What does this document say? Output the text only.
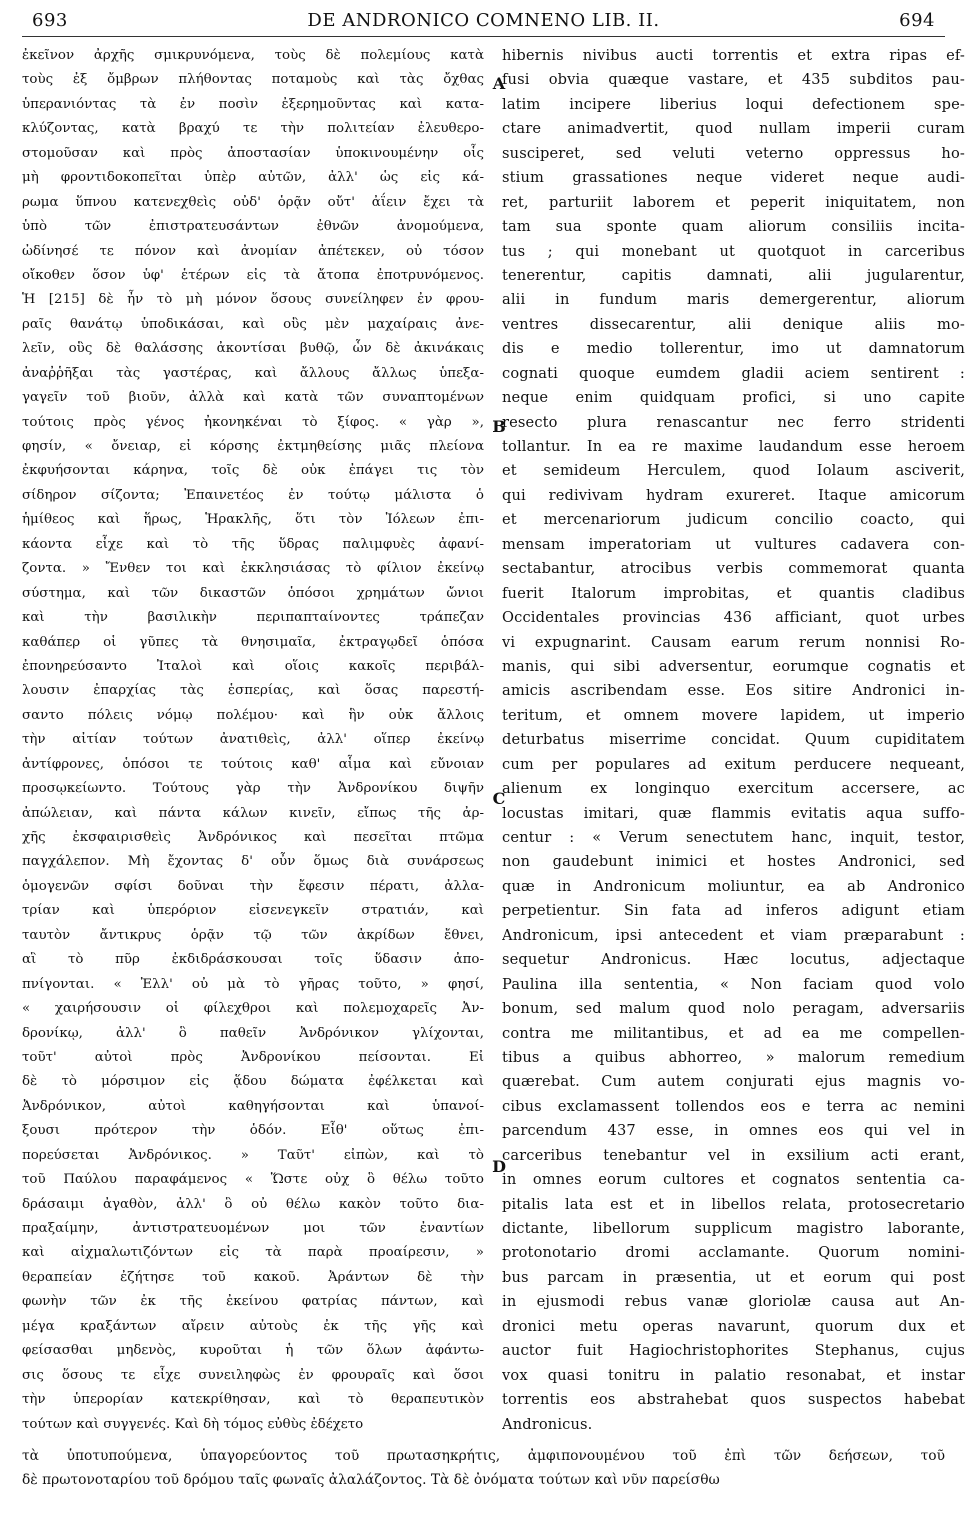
693	DE ANDRONICO COMNENO LIB. II.	694
ἐκεῖνον ἀρχῆς σμικρυνόμενα, τοὺς δὲ πολεμίους κατὰ
τοὺς ἐξ ὄμβρων πλήθοντας ποταμοὺς καὶ τὰς ὄχθας
ὑπερανιόντας τὰ ἐν ποσὶν ἐξερημοῦντας καὶ κατα-
κλύζοντας, κατὰ βραχύ τε τὴν πολιτείαν ἐλευθερο-
στομοῦσαν καὶ πρὸς ἀποστασίαν ὑποκινουμένην οἷς
μὴ φροντιδοκοπεῖται ὑπὲρ αὐτῶν, ἀλλ' ὡς εἰς κά-
ρωμα ὕπνου κατενεχθεὶς οὐδ' ὁρᾷν οὔτ' ἀΐειν ἔχει τὰ
ὑπὸ τῶν ἐπιστρατευσάντων ἐθνῶν ἀνομούμενα,
ὠδίνησέ τε πόνον καὶ ἀνομίαν ἀπέτεκεν, οὐ τόσον
οἴκοθεν ὅσον ὑφ' ἑτέρων εἰς τὰ ἄτοπα ἐποτρυνόμενος.
Ἡ [215] δὲ ἦν τὸ μὴ μόνον ὅσους συνείληφεν ἐν φρου-
ραῖς θανάτῳ ὑποδικάσαι, καὶ οὓς μὲν μαχαίραις ἀνε-
λεῖν, οὓς δὲ θαλάσσης ἀκοντίσαι βυθῷ, ὧν δὲ ἀκινάκαις
ἀναῤῥῆξαι τὰς γαστέρας, καὶ ἄλλους ἄλλως ὑπεξα-
γαγεῖν τοῦ βιοῦν, ἀλλὰ καὶ κατὰ τῶν συναπτομένων
τούτοις πρὸς γένος ἠκονηκέναι τὸ ξίφος. « γὰρ »,
φησίν, « ὄνειαρ, εἰ κόρσης ἐκτμηθείσης μιᾶς πλείονα
ἐκφυήσονται κάρηνα, τοῖς δὲ οὐκ ἐπάγει τις τὸν
σίδηρον σίζοντα; Ἐπαινετέος ἐν τούτῳ μάλιστα ὁ
ἡμίθεος καὶ ἥρως, Ἡρακλῆς, ὅτι τὸν Ἰόλεων ἐπι-
κάοντα εἶχε καὶ τὸ τῆς ὕδρας παλιμφυὲς ἀφανί-
ζοντα. » Ἔνθεν τοι καὶ ἐκκλησιάσας τὸ φίλιον ἐκείνῳ
σύστημα, καὶ τῶν δικαστῶν ὁπόσοι χρημάτων ὤνιοι
καὶ τὴν βασιλικὴν περιπαπταίνοντες τράπεζαν
καθάπερ οἱ γῦπες τὰ θνησιμαῖα, ἐκτραγῳδεῖ ὁπόσα
ἐπονηρεύσαντο Ἰταλοὶ καὶ οἵοις κακοῖς περιβάλ-
λουσιν ἐπαρχίας τὰς ἑσπερίας, καὶ ὅσας παρεστή-
σαντο πόλεις νόμῳ πολέμου· καὶ ἣν οὐκ ἄλλοις
τὴν αἰτίαν τούτων ἀνατιθεὶς, ἀλλ' οἵπερ ἐκείνῳ
ἀντίφρονες, ὁπόσοι τε τούτοις καθ' αἷμα καὶ εὔνοιαν
προσῳκείωντο. Τούτους γὰρ τὴν Ἀνδρονίκου διψῆν
ἀπώλειαν, καὶ πάντα κάλων κινεῖν, εἴπως τῆς ἀρ-
χῆς ἐκσφαιρισθεὶς Ἀνδρόνικος καὶ πεσεῖται πτῶμα
παγχάλεπον. Μὴ ἔχοντας δ' οὖν ὅμως διὰ συνάρσεως
ὁμογενῶν σφίσι δοῦναι τὴν ἔφεσιν πέρατι, ἀλλα-
τρίαν καὶ ὑπερόριον εἰσενεγκεῖν στρατιάν, καὶ
ταυτὸν ἄντικρυς ὁρᾷν τῷ τῶν ἀκρίδων ἔθνει,
αἳ τὸ πῦρ ἐκδιδράσκουσαι τοῖς ὕδασιν ἀπο-
πνίγονται. « Ἐλλ' οὐ μὰ τὸ γῆρας τοῦτο, » φησί,
« χαιρήσουσιν οἱ φίλεχθροι καὶ πολεμοχαρεῖς Ἀν-
δρονίκῳ, ἀλλ' ὃ παθεῖν Ἀνδρόνικον γλίχονται,
τοῦτ' αὐτοὶ πρὸς Ἀνδρονίκου πείσονται. Εἰ
δὲ τὸ μόρσιμον εἰς ᾅδου δώματα ἐφέλκεται καὶ
Ἀνδρόνικον, αὐτοὶ καθηγήσονται καὶ ὑπανοί-
ξουσι πρότερον τὴν ὁδόν. Εἶθ' οὕτως ἐπι-
πορεύσεται Ἀνδρόνικος. » Ταῦτ' εἰπὼν, καὶ τὸ
τοῦ Παύλου παραφάμενος « Ὥστε οὐχ ὃ θέλω τοῦτο
δράσαιμι ἀγαθὸν, ἀλλ' ὃ οὐ θέλω κακὸν τοῦτο δια-
πραξαίμην, ἀντιστρατευομένων μοι τῶν ἐναντίων
καὶ αἰχμαλωτιζόντων εἰς τὰ παρὰ προαίρεσιν, »
θεραπείαν ἐζήτησε τοῦ κακοῦ. Ἀράντων δὲ τὴν
φωνὴν τῶν ἐκ τῆς ἐκείνου φατρίας πάντων, καὶ
μέγα κραξάντων αἴρειν αὐτοὺς ἐκ τῆς γῆς καὶ
φείσασθαι μηδενὸς, κυροῦται ἡ τῶν ὅλων ἀφάντω-
σις ὅσους τε εἶχε συνειληφὼς ἐν φρουραῖς καὶ ὅσοι
τὴν ὑπερορίαν κατεκρίθησαν, καὶ τὸ θεραπευτικὸν
τούτων καὶ συγγενές. Καὶ δὴ τόμος εὐθὺς ἐδέχετο
hibernis nivibus aucti torrentis et extra ripas ef-
fusi obvia quæque vastare, et 435 subditos pau-
latim incipere liberius loqui defectionem spe-
ctare animadvertit, quod nullam imperii curam
susciperet, sed veluti veterno oppressus ho-
stium grassationes neque videret neque audi-
ret, parturiit laborem et peperit iniquitatem, non
tam sua sponte quam aliorum consiliis incita-
tus ; qui monebant ut quotquot in carceribus
tenerentur, capitis damnati, alii jugularentur,
alii in fundum maris demergerentur, aliorum
ventres dissecarentur, alii denique aliis mo-
dis e medio tollerentur, imo ut damnatorum
cognati quoque eumdem gladii aciem sentirent :
neque enim quidquam profici, si uno capite
resecto plura renascantur nec ferro stridenti
tollantur. In ea re maxime laudandum esse heroem
et semideum Herculem, quod Iolaum asciverit,
qui redivivam hydram exureret. Itaque amicorum
et mercenariorum judicum concilio coacto, qui
mensam imperatoriam ut vultures cadavera con-
sectabantur, atrocibus verbis commemorat quanta
fuerit Italorum improbitas, et quantis cladibus
Occidentales provincias 436 afficiant, quot urbes
vi expugnarint. Causam earum rerum nonnisi Ro-
manis, qui sibi adversentur, eorumque cognatis et
amicis ascribendam esse. Eos sitire Andronici in-
teritum, et omnem movere lapidem, ut imperio
deturbatus miserrime concidat. Quum cupiditatem
cum per populares ad exitum perducere nequeant,
alienum ex longinquo exercitum accersere, ac
locustas imitari, quæ flammis evitatis aqua suffo-
centur : « Verum senectutem hanc, inquit, testor,
non gaudebunt inimici et hostes Andronici, sed
quæ in Andronicum moliuntur, ea ab Andronico
perpetientur. Sin fata ad inferos adigunt etiam
Andronicum, ipsi antecedent et viam præparabunt :
sequetur Andronicus. Hæc locutus, adjectaque
Paulina illa sententia, « Non faciam quod volo
bonum, sed malum quod nolo peragam, adversariis
contra me militantibus, et ad ea me compellen-
tibus a quibus abhorreo, » malorum remedium
quærebat. Cum autem conjurati ejus magnis vo-
cibus exclamassent tollendos eos e terra ac nemini
parcendum 437 esse, in omnes eos qui vel in
carceribus tenebantur vel in exsilium acti erant,
in omnes eorum cultores et cognatos sententia ca-
pitalis lata est et in libellos relata, protosecretario
dictante, libellorum supplicum magistro laborante,
protonotario dromi acclamante. Quorum nomini-
bus parcam in præsentia, ut et eorum qui post
in ejusmodi rebus vanæ gloriolæ causa aut An-
dronici metu operas navarunt, quorum dux et
auctor fuit Hagiochristophorites Stephanus, cujus
vox quasi tonitru in palatio resonabat, et instar
torrentis eos abstrahebat quos suspectos habebat
Andronicus.
A
B
C
D
τὰ ὑποτυπούμενα, ὑπαγορεύοντος τοῦ πρωτασηκρήτις, ἀμφιπονουμένου τοῦ ἐπὶ τῶν δεήσεων, τοῦ
δὲ πρωτονοταρίου τοῦ δρόμου ταῖς φωναῖς ἀλαλάζοντος. Τὰ δὲ ὀνόματα τούτων καὶ νῦν παρείσθω
